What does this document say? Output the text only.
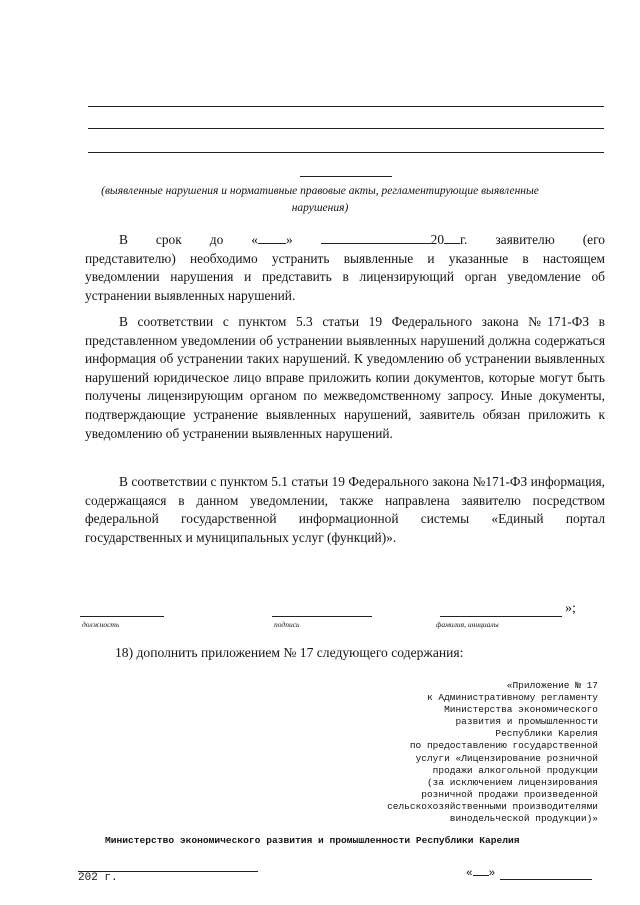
(выявленные нарушения и нормативные правовые акты, регламентирующие выявленные
нарушения)
В срок до « »	20 г. заявителю (его
представителю) необходимо устранить выявленные и указанные в настоящем уведомлении нарушения и представить в лицензирующий орган уведомление об устранении выявленных нарушений.
В соответствии с пунктом 5.3 статьи 19 Федерального закона №171-ФЗ в представленном уведомлении об устранении выявленных нарушений должна содержаться информация об устранении таких нарушений. К уведомлению об устранении выявленных нарушений юридическое лицо вправе приложить копии документов, которые могут быть получены лицензирующим органом по межведомственному запросу. Иные документы, подтверждающие устранение выявленных нарушений, заявитель обязан приложить к уведомлению об устранении выявленных нарушений.
В соответствии с пунктом 5.1 статьи 19 Федерального закона №171-ФЗ информация, содержащаяся в данном уведомлении, также направлена заявителю посредством федеральной государственной информационной системы «Единый портал государственных и муниципальных услуг (функций)».
должность	подпись	фамилия, инициалы
»;
18) дополнить приложением № 17 следующего содержания:
«Приложение № 17
к Административному регламенту
Министерства экономического
развития и промышленности
Республики Карелия
по предоставлению государственной
услуги «Лицензирование розничной
продажи алкогольной продукции
(за исключением лицензирования
розничной продажи произведенной
сельскохозяйственными производителями
винодельческой продукции)»
Министерство экономического развития и промышленности Республики Карелия
202 г.	« »
